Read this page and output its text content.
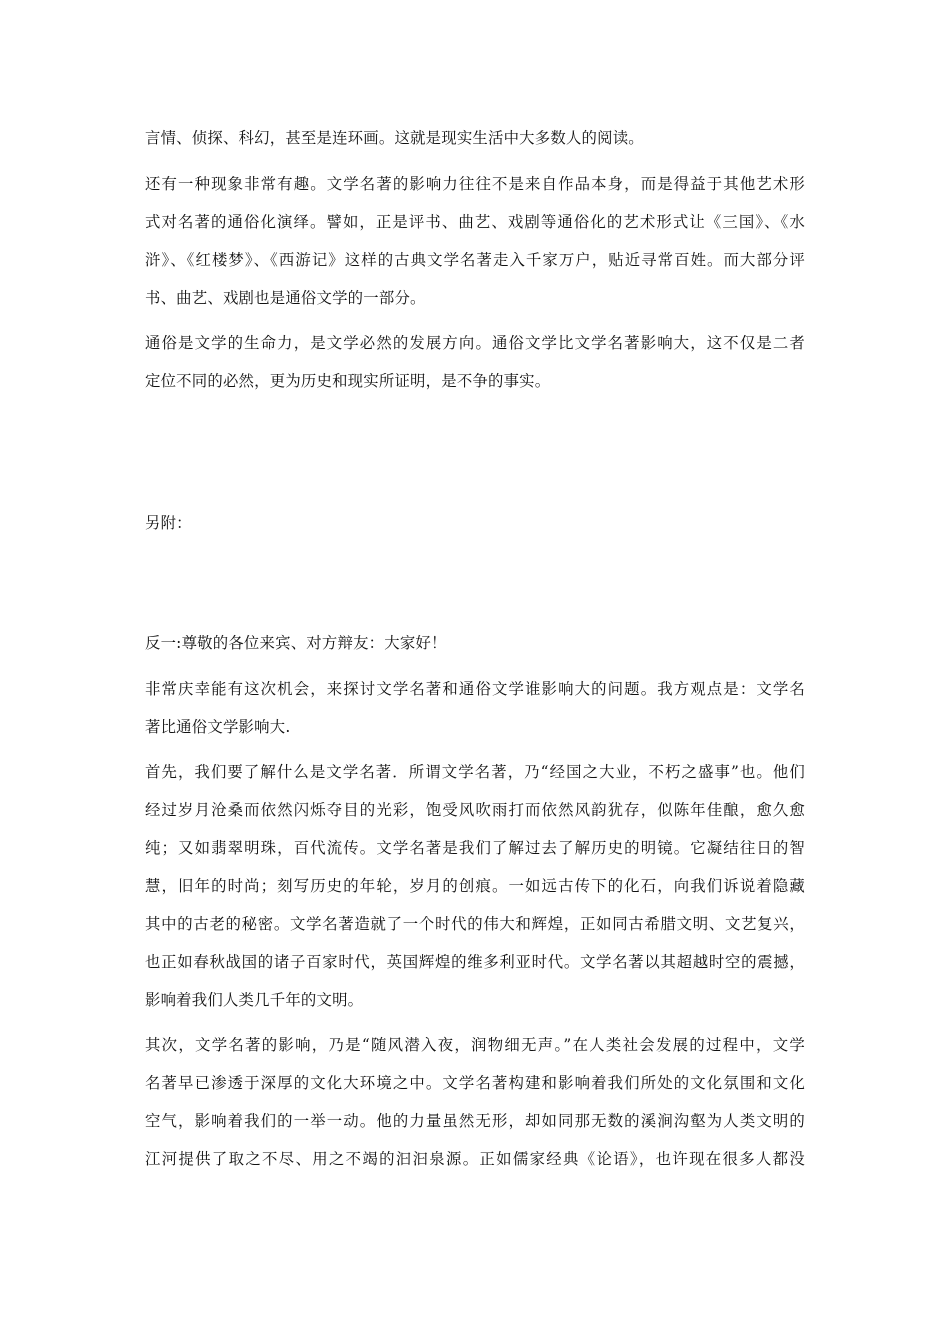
言情、侦探、科幻，甚至是连环画。这就是现实生活中大多数人的阅读。
还有一种现象非常有趣。文学名著的影响力往往不是来自作品本身，而是得益于其他艺术形
式对名著的通俗化演绎。譬如，正是评书、曲艺、戏剧等通俗化的艺术形式让《三国》、《水
浒》、《红楼梦》、《西游记》这样的古典文学名著走入千家万户，贴近寻常百姓。而大部分评
书、曲艺、戏剧也是通俗文学的一部分。
通俗是文学的生命力，是文学必然的发展方向。通俗文学比文学名著影响大，这不仅是二者
定位不同的必然，更为历史和现实所证明，是不争的事实。
另附：
反一:尊敬的各位来宾、对方辩友：大家好！
非常庆幸能有这次机会，来探讨文学名著和通俗文学谁影响大的问题。我方观点是：文学名
著比通俗文学影响大.
首先，我们要了解什么是文学名著．所谓文学名著，乃“经国之大业，不朽之盛事”也。他们
经过岁月沧桑而依然闪烁夺目的光彩，饱受风吹雨打而依然风韵犹存，似陈年佳酿，愈久愈
纯；又如翡翠明珠，百代流传。文学名著是我们了解过去了解历史的明镜。它凝结往日的智
慧，旧年的时尚；刻写历史的年轮，岁月的创痕。一如远古传下的化石，向我们诉说着隐藏
其中的古老的秘密。文学名著造就了一个时代的伟大和辉煌，正如同古希腊文明、文艺复兴，
也正如春秋战国的诸子百家时代，英国辉煌的维多利亚时代。文学名著以其超越时空的震撼，
影响着我们人类几千年的文明。
其次，文学名著的影响，乃是“随风潜入夜，润物细无声。”在人类社会发展的过程中，文学
名著早已渗透于深厚的文化大环境之中。文学名著构建和影响着我们所处的文化氛围和文化
空气，影响着我们的一举一动。他的力量虽然无形，却如同那无数的溪涧沟壑为人类文明的
江河提供了取之不尽、用之不竭的汩汩泉源。正如儒家经典《论语》，也许现在很多人都没
